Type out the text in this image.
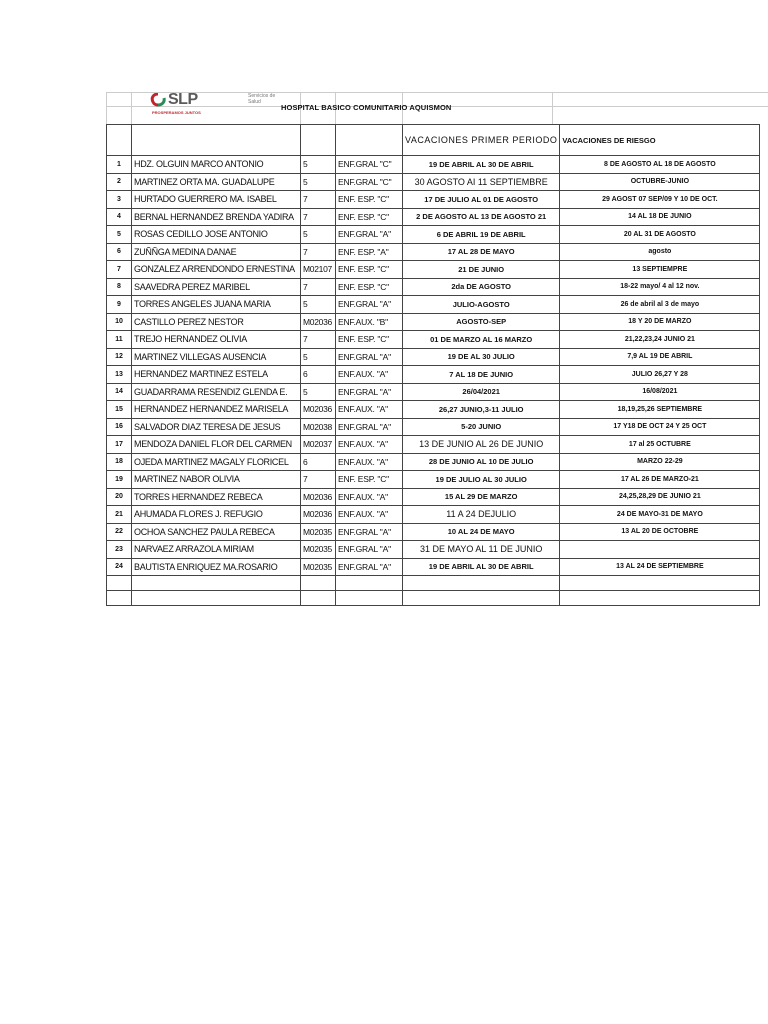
SLP	Servicios de Salud
PROSPERAMOS JUNTOS
HOSPITAL BASICO COMUNITARIO AQUISMON
				VACACIONES PRIMER PERIODO	VACACIONES DE RIESGO
1	HDZ. OLGUIN MARCO ANTONIO	5	ENF.GRAL "C"	19 DE ABRIL AL 30 DE ABRIL	8 DE AGOSTO AL 18 DE AGOSTO
2	MARTINEZ ORTA MA. GUADALUPE	5	ENF.GRAL "C"	30 AGOSTO AI 11 SEPTIEMBRE	OCTUBRE-JUNIO
3	HURTADO GUERRERO MA. ISABEL	7	ENF. ESP. "C"	17 DE JULIO AL 01 DE AGOSTO	29 AGOST 07 SEP/09 Y 10 DE OCT.
4	BERNAL HERNANDEZ BRENDA YADIRA	7	ENF. ESP. "C"	2 DE AGOSTO AL 13 DE AGOSTO 21	14 AL 18 DE JUNIO
5	ROSAS CEDILLO JOSE ANTONIO	5	ENF.GRAL "A"	6 DE ABRIL 19 DE ABRIL	20 AL 31 DE AGOSTO
6	ZUÑÑGA MEDINA DANAE	7	ENF. ESP. "A"	17 AL 28 DE MAYO	agosto
7	GONZALEZ ARRENDONDO ERNESTINA	M02107	ENF. ESP. "C"	21 DE JUNIO	13 SEPTIEMPRE
8	SAAVEDRA PEREZ MARIBEL	7	ENF. ESP. "C"	2da DE AGOSTO	18-22 mayo/ 4 al 12 nov.
9	TORRES ANGELES JUANA MARIA	5	ENF.GRAL "A"	JULIO-AGOSTO	26 de abril al 3 de mayo
10	CASTILLO PEREZ NESTOR	M02036	ENF.AUX. "B"	AGOSTO-SEP	18 Y 20 DE MARZO
11	TREJO HERNANDEZ OLIVIA	7	ENF. ESP. "C"	01 DE MARZO AL 16 MARZO	21,22,23,24 JUNIO 21
12	MARTINEZ VILLEGAS AUSENCIA	5	ENF.GRAL "A"	19 DE AL 30 JULIO	7,9 AL 19 DE ABRIL
13	HERNANDEZ MARTINEZ ESTELA	6	ENF.AUX. "A"	7 AL 18 DE JUNIO	JULIO 26,27 Y 28
14	GUADARRAMA RESENDIZ GLENDA E.	5	ENF.GRAL "A"	26/04/2021	16/08/2021
15	HERNANDEZ HERNANDEZ MARISELA	M02036	ENF.AUX. "A"	26,27 JUNIO,3-11 JULIO	18,19,25,26 SEPTIEMBRE
16	SALVADOR DIAZ TERESA DE JESUS	M02038	ENF.GRAL "A"	5-20 JUNIO	17 Y18 DE OCT 24 Y 25 OCT
17	MENDOZA DANIEL FLOR DEL CARMEN	M02037	ENF.AUX. "A"	13 DE JUNIO AL 26 DE JUNIO	17 al 25 OCTUBRE
18	OJEDA MARTINEZ MAGALY FLORICEL	6	ENF.AUX. "A"	28 DE JUNIO AL 10 DE JULIO	MARZO 22-29
19	MARTINEZ NABOR OLIVIA	7	ENF. ESP. "C"	19 DE JULIO AL 30 JULIO	17 AL 26 DE MARZO-21
20	TORRES HERNANDEZ REBECA	M02036	ENF.AUX. "A"	15 AL 29 DE MARZO	24,25,28,29 DE JUNIO 21
21	AHUMADA FLORES J. REFUGIO	M02036	ENF.AUX. "A"	11 A 24 DEJULIO	24 DE MAYO-31 DE MAYO
22	OCHOA SANCHEZ PAULA REBECA	M02035	ENF.GRAL "A"	10 AL 24 DE MAYO	13 AL 20 DE OCTOBRE
23	NARVAEZ ARRAZOLA MIRIAM	M02035	ENF.GRAL "A"	31 DE MAYO AL 11 DE JUNIO	
24	BAUTISTA ENRIQUEZ MA.ROSARIO	M02035	ENF.GRAL "A"	19 DE ABRIL AL 30 DE ABRIL	13 AL 24 DE SEPTIEMBRE
